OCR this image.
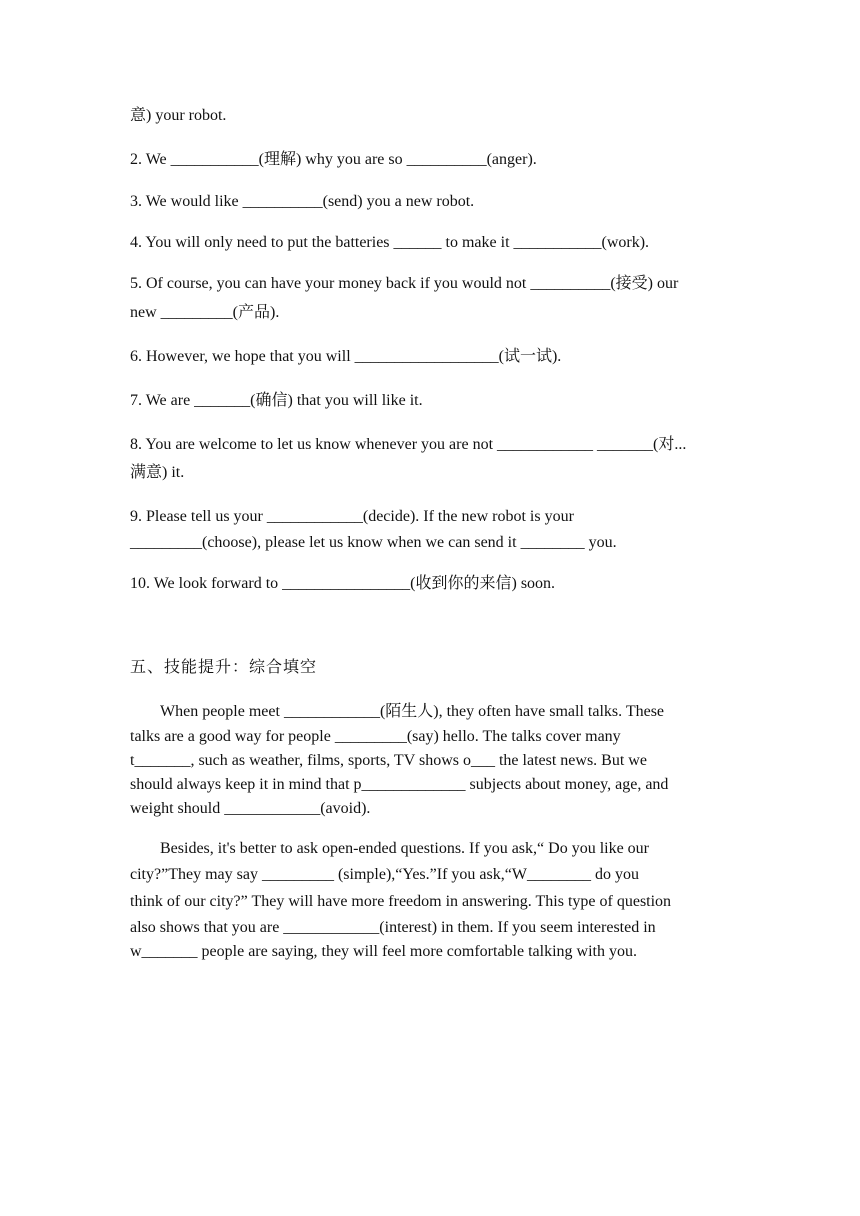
意) your robot.
2. We ___________(理解) why you are so __________(anger).
3. We would like __________(send) you a new robot.
4. You will only need to put the batteries ______ to make it ___________(work).
5. Of course, you can have your money back if you would not __________(接受) our
new _________(产品).
6. However, we hope that you will __________________(试一试).
7. We are _______(确信) that you will like it.
8. You are welcome to let us know whenever you are not ____________ _______(对...
满意) it.
9. Please tell us your ____________(decide). If the new robot is your
_________(choose), please let us know when we can send it ________ you.
10. We look forward to ________________(收到你的来信) soon.
五、技能提升：综合填空
When people meet ____________(陌生人), they often have small talks. These
talks are a good way for people _________(say) hello. The talks cover many
t_______, such as weather, films, sports, TV shows o___ the latest news. But we
should always keep it in mind that p_____________ subjects about money, age, and
weight should ____________(avoid).
Besides, it's better to ask open-ended questions. If you ask,“ Do you like our
city?”They may say _________ (simple),“Yes.”If you ask,“W________ do you
think of our city?” They will have more freedom in answering. This type of question
also shows that you are ____________(interest) in them. If you seem interested in
w_______ people are saying, they will feel more comfortable talking with you.
